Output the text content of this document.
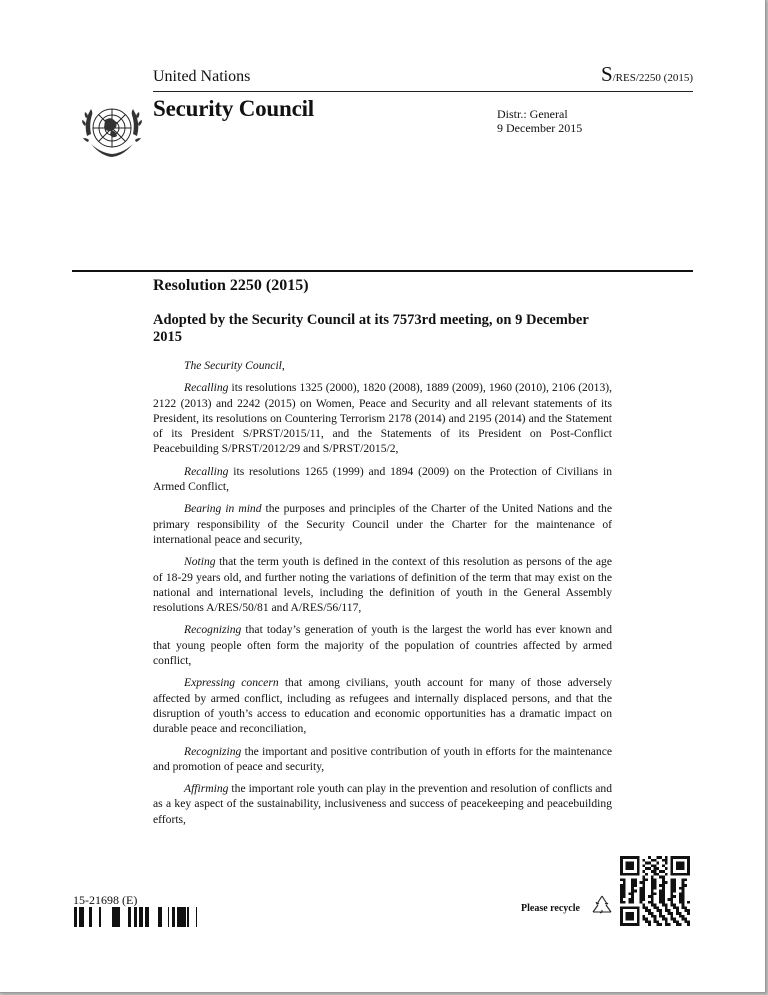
United Nations	S/RES/2250 (2015)
Security Council	Distr.: General
9 December 2015
Resolution 2250 (2015)
Adopted by the Security Council at its 7573rd meeting, on 9 December 2015

The Security Council,

Recalling its resolutions 1325 (2000), 1820 (2008), 1889 (2009), 1960 (2010), 2106 (2013), 2122 (2013) and 2242 (2015) on Women, Peace and Security and all relevant statements of its President, its resolutions on Countering Terrorism 2178 (2014) and 2195 (2014) and the Statement of its President S/PRST/2015/11, and the Statements of its President on Post-Conflict Peacebuilding S/PRST/2012/29 and S/PRST/2015/2,

Recalling its resolutions 1265 (1999) and 1894 (2009) on the Protection of Civilians in Armed Conflict,

Bearing in mind the purposes and principles of the Charter of the United Nations and the primary responsibility of the Security Council under the Charter for the maintenance of international peace and security,

Noting that the term youth is defined in the context of this resolution as persons of the age of 18-29 years old, and further noting the variations of definition of the term that may exist on the national and international levels, including the definition of youth in the General Assembly resolutions A/RES/50/81 and A/RES/56/117,

Recognizing that today’s generation of youth is the largest the world has ever known and that young people often form the majority of the population of countries affected by armed conflict,

Expressing concern that among civilians, youth account for many of those adversely affected by armed conflict, including as refugees and internally displaced persons, and that the disruption of youth’s access to education and economic opportunities has a dramatic impact on durable peace and reconciliation,

Recognizing the important and positive contribution of youth in efforts for the maintenance and promotion of peace and security,

Affirming the important role youth can play in the prevention and resolution of conflicts and as a key aspect of the sustainability, inclusiveness and success of peacekeeping and peacebuilding efforts,

15-21698 (E)
Please recycle
